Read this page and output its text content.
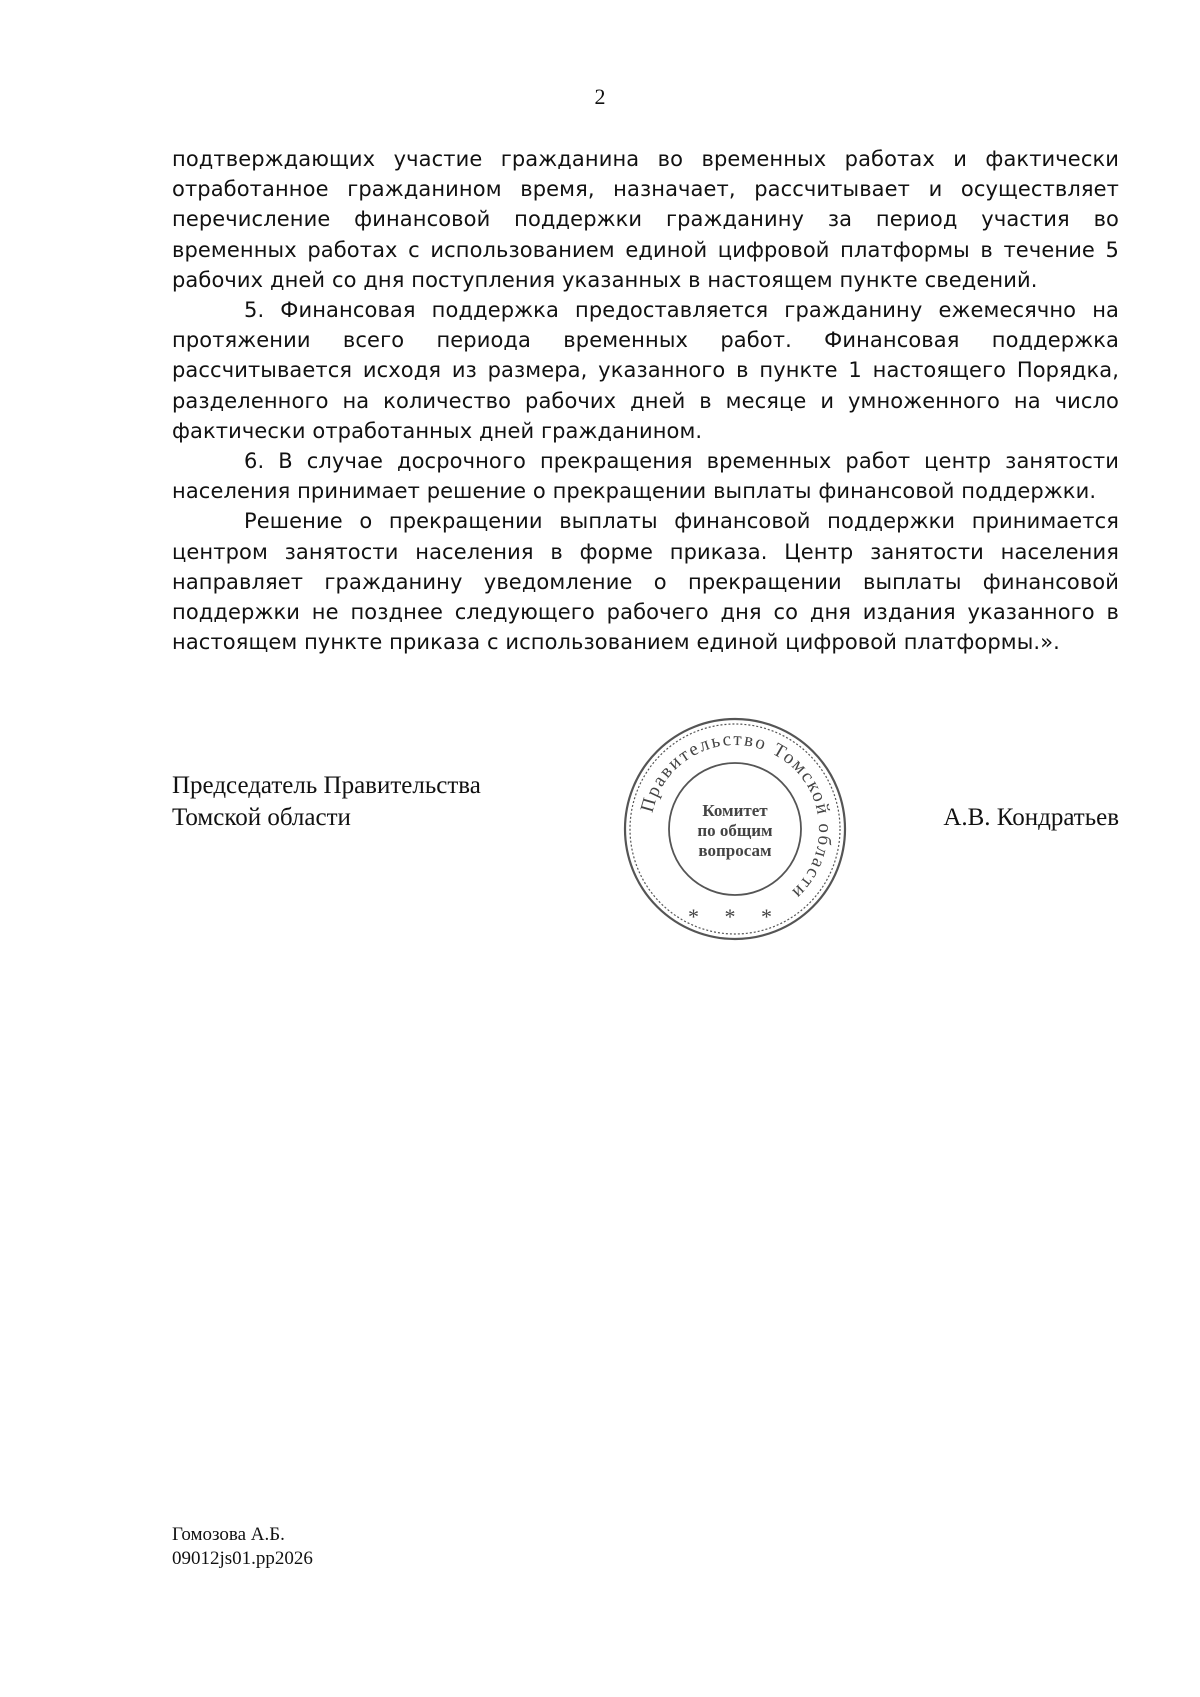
2

подтверждающих участие гражданина во временных работах и фактически отработанное гражданином время, назначает, рассчитывает и осуществляет перечисление финансовой поддержки гражданину за период участия во временных работах с использованием единой цифровой платформы в течение 5 рабочих дней со дня поступления указанных в настоящем пункте сведений.

5. Финансовая поддержка предоставляется гражданину ежемесячно на протяжении всего периода временных работ. Финансовая поддержка рассчитывается исходя из размера, указанного в пункте 1 настоящего Порядка, разделенного на количество рабочих дней в месяце и умноженного на число фактически отработанных дней гражданином.

6. В случае досрочного прекращения временных работ центр занятости населения принимает решение о прекращении выплаты финансовой поддержки.

Решение о прекращении выплаты финансовой поддержки принимается центром занятости населения в форме приказа. Центр занятости населения направляет гражданину уведомление о прекращении выплаты финансовой поддержки не позднее следующего рабочего дня со дня издания указанного в настоящем пункте приказа с использованием единой цифровой платформы.».

Председатель Правительства
Томской области	Правительство Томской области
Комитет
по общим
вопросам
* * *
А.В. Кондратьев
Гомозова А.Б.
09012js01.pp2026
